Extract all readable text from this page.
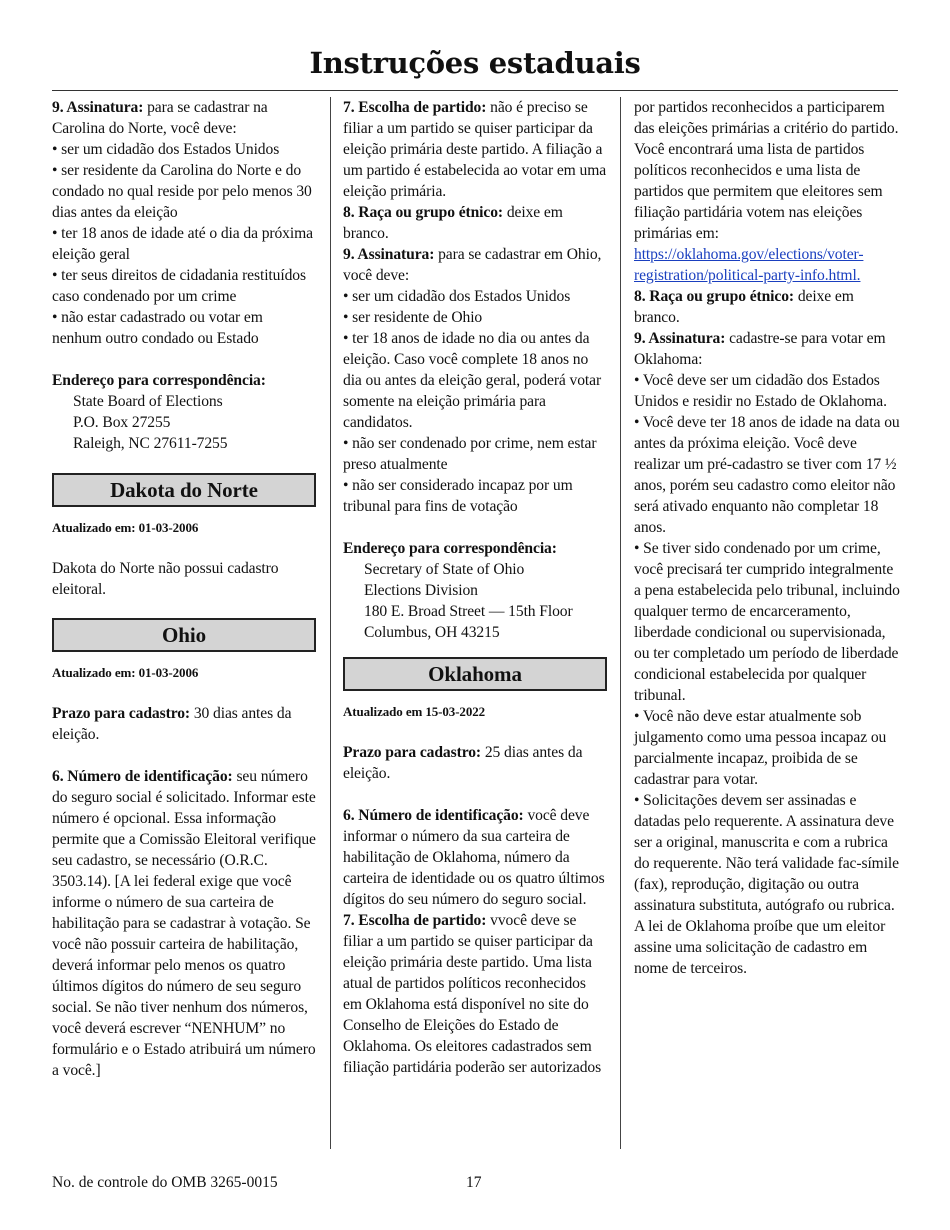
Instruções estaduais

9. Assinatura: para se cadastrar na Carolina do Norte, você deve:

• ser um cidadão dos Estados Unidos

• ser residente da Carolina do Norte e do condado no qual reside por pelo menos 30 dias antes da eleição

• ter 18 anos de idade até o dia da próxima eleição geral

• ter seus direitos de cidadania restituídos caso condenado por um crime

• não estar cadastrado ou votar em nenhum outro condado ou Estado

Endereço para correspondência:

State Board of Elections

P.O. Box 27255

Raleigh, NC 27611-7255

Dakota do Norte

Atualizado em: 01-03-2006

Dakota do Norte não possui cadastro eleitoral.

Ohio

Atualizado em: 01-03-2006

Prazo para cadastro: 30 dias antes da eleição.

6. Número de identificação: seu número do seguro social é solicitado. Informar este número é opcional. Essa informação permite que a Comissão Eleitoral verifique seu cadastro, se necessário (O.R.C. 3503.14). [A lei federal exige que você informe o número de sua carteira de habilitação para se cadastrar à votação. Se você não possuir carteira de habilitação, deverá informar pelo menos os quatro últimos dígitos do número de seu seguro social. Se não tiver nenhum dos números, você deverá escrever “NENHUM” no formulário e o Estado atribuirá um número a você.]

7. Escolha de partido: não é preciso se filiar a um partido se quiser participar da eleição primária deste partido. A filiação a um partido é estabelecida ao votar em uma eleição primária.

8. Raça ou grupo étnico: deixe em branco.

9. Assinatura: para se cadastrar em Ohio, você deve:

• ser um cidadão dos Estados Unidos

• ser residente de Ohio

• ter 18 anos de idade no dia ou antes da eleição. Caso você complete 18 anos no dia ou antes da eleição geral, poderá votar somente na eleição primária para candidatos.

• não ser condenado por crime, nem estar preso atualmente

• não ser considerado incapaz por um tribunal para fins de votação

Endereço para correspondência:

Secretary of State of Ohio

Elections Division

180 E. Broad Street — 15th Floor

Columbus, OH 43215

Oklahoma

Atualizado em 15-03-2022

Prazo para cadastro: 25 dias antes da eleição.

6. Número de identificação: você deve informar o número da sua carteira de habilitação de Oklahoma, número da carteira de identidade ou os quatro últimos dígitos do seu número do seguro social.

7. Escolha de partido: vvocê deve se filiar a um partido se quiser participar da eleição primária deste partido. Uma lista atual de partidos políticos reconhecidos em Oklahoma está disponível no site do Conselho de Eleições do Estado de Oklahoma. Os eleitores cadastrados sem filiação partidária poderão ser autorizados

por partidos reconhecidos a participarem das eleições primárias a critério do partido. Você encontrará uma lista de partidos políticos reconhecidos e uma lista de partidos que permitem que eleitores sem filiação partidária votem nas eleições primárias em:

https://oklahoma.gov/elections/voter-registration/political-party-info.html.

8. Raça ou grupo étnico: deixe em branco.

9. Assinatura: cadastre-se para votar em Oklahoma:

• Você deve ser um cidadão dos Estados Unidos e residir no Estado de Oklahoma.

• Você deve ter 18 anos de idade na data ou antes da próxima eleição. Você deve realizar um pré-cadastro se tiver com 17 ½ anos, porém seu cadastro como eleitor não será ativado enquanto não completar 18 anos.

• Se tiver sido condenado por um crime, você precisará ter cumprido integralmente a pena estabelecida pelo tribunal, incluindo qualquer termo de encarceramento, liberdade condicional ou supervisionada, ou ter completado um período de liberdade condicional estabelecida por qualquer tribunal.

• Você não deve estar atualmente sob julgamento como uma pessoa incapaz ou parcialmente incapaz, proibida de se cadastrar para votar.

• Solicitações devem ser assinadas e datadas pelo requerente. A assinatura deve ser a original, manuscrita e com a rubrica do requerente. Não terá validade fac-símile (fax), reprodução, digitação ou outra assinatura substituta, autógrafo ou rubrica.

A lei de Oklahoma proíbe que um eleitor assine uma solicitação de cadastro em nome de terceiros.

No. de controle do OMB 3265-0015	17
